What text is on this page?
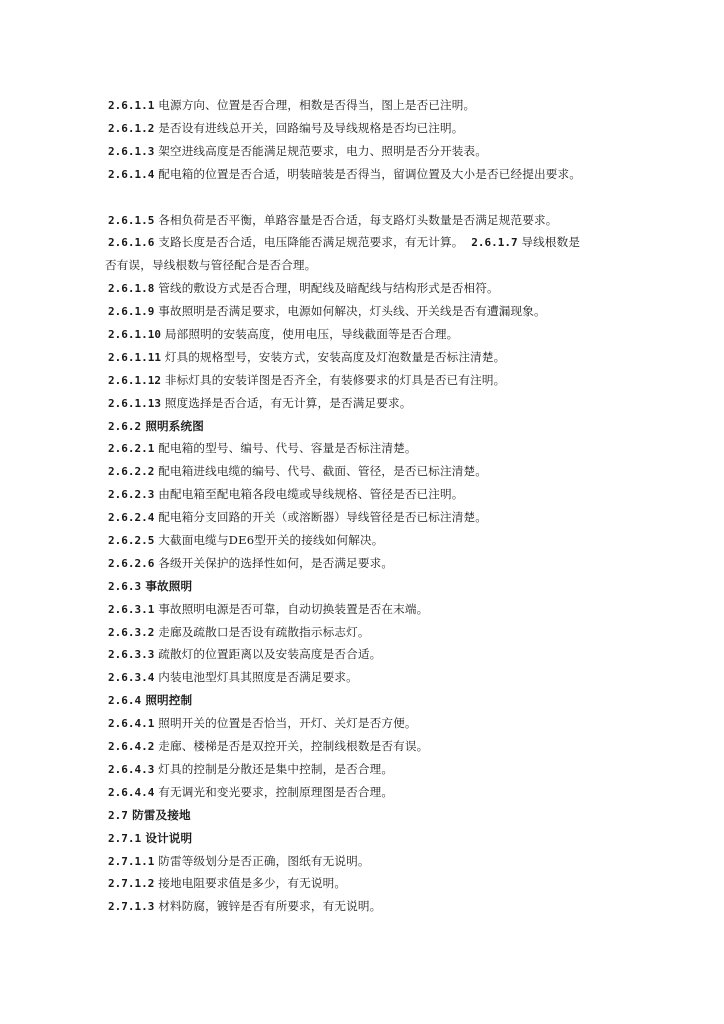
2.6.1.1 电源方向、位置是否合理，相数是否得当，图上是否已注明。
2.6.1.2 是否设有进线总开关，回路编号及导线规格是否均已注明。
2.6.1.3 架空进线高度是否能满足规范要求，电力、照明是否分开装表。
2.6.1.4 配电箱的位置是否合适，明装暗装是否得当，留调位置及大小是否已经提出要求。
2.6.1.5 各相负荷是否平衡，单路容量是否合适，每支路灯头数量是否满足规范要求。
2.6.1.6 支路长度是否合适，电压降能否满足规范要求，有无计算。 2.6.1.7 导线根数是
否有误，导线根数与管径配合是否合理。
2.6.1.8 管线的敷设方式是否合理，明配线及暗配线与结构形式是否相符。
2.6.1.9 事故照明是否满足要求，电源如何解决，灯头线、开关线是否有遭漏现象。
2.6.1.10 局部照明的安装高度，使用电压，导线截面等是否合理。
2.6.1.11 灯具的规格型号，安装方式，安装高度及灯泡数量是否标注清楚。
2.6.1.12 非标灯具的安装详图是否齐全，有装修要求的灯具是否已有注明。
2.6.1.13 照度选择是否合适，有无计算，是否满足要求。
2.6.2 照明系统图
2.6.2.1 配电箱的型号、编号、代号、容量是否标注清楚。
2.6.2.2 配电箱进线电缆的编号、代号、截面、管径，是否已标注清楚。
2.6.2.3 由配电箱至配电箱各段电缆或导线规格、管径是否已注明。
2.6.2.4 配电箱分支回路的开关（或溶断器）导线管径是否已标注清楚。
2.6.2.5 大截面电缆与DE6型开关的接线如何解决。
2.6.2.6 各级开关保护的选择性如何，是否满足要求。
2.6.3 事故照明
2.6.3.1 事故照明电源是否可靠，自动切换装置是否在末端。
2.6.3.2 走廊及疏散口是否设有疏散指示标志灯。
2.6.3.3 疏散灯的位置距离以及安装高度是否合适。
2.6.3.4 内装电池型灯具其照度是否满足要求。
2.6.4 照明控制
2.6.4.1 照明开关的位置是否恰当，开灯、关灯是否方便。
2.6.4.2 走廊、楼梯是否是双控开关，控制线根数是否有误。
2.6.4.3 灯具的控制是分散还是集中控制，是否合理。
2.6.4.4 有无调光和变光要求，控制原理图是否合理。
2.7 防雷及接地
2.7.1 设计说明
2.7.1.1 防雷等级划分是否正确，图纸有无说明。
2.7.1.2 接地电阻要求值是多少，有无说明。
2.7.1.3 材料防腐，镀锌是否有所要求，有无说明。
